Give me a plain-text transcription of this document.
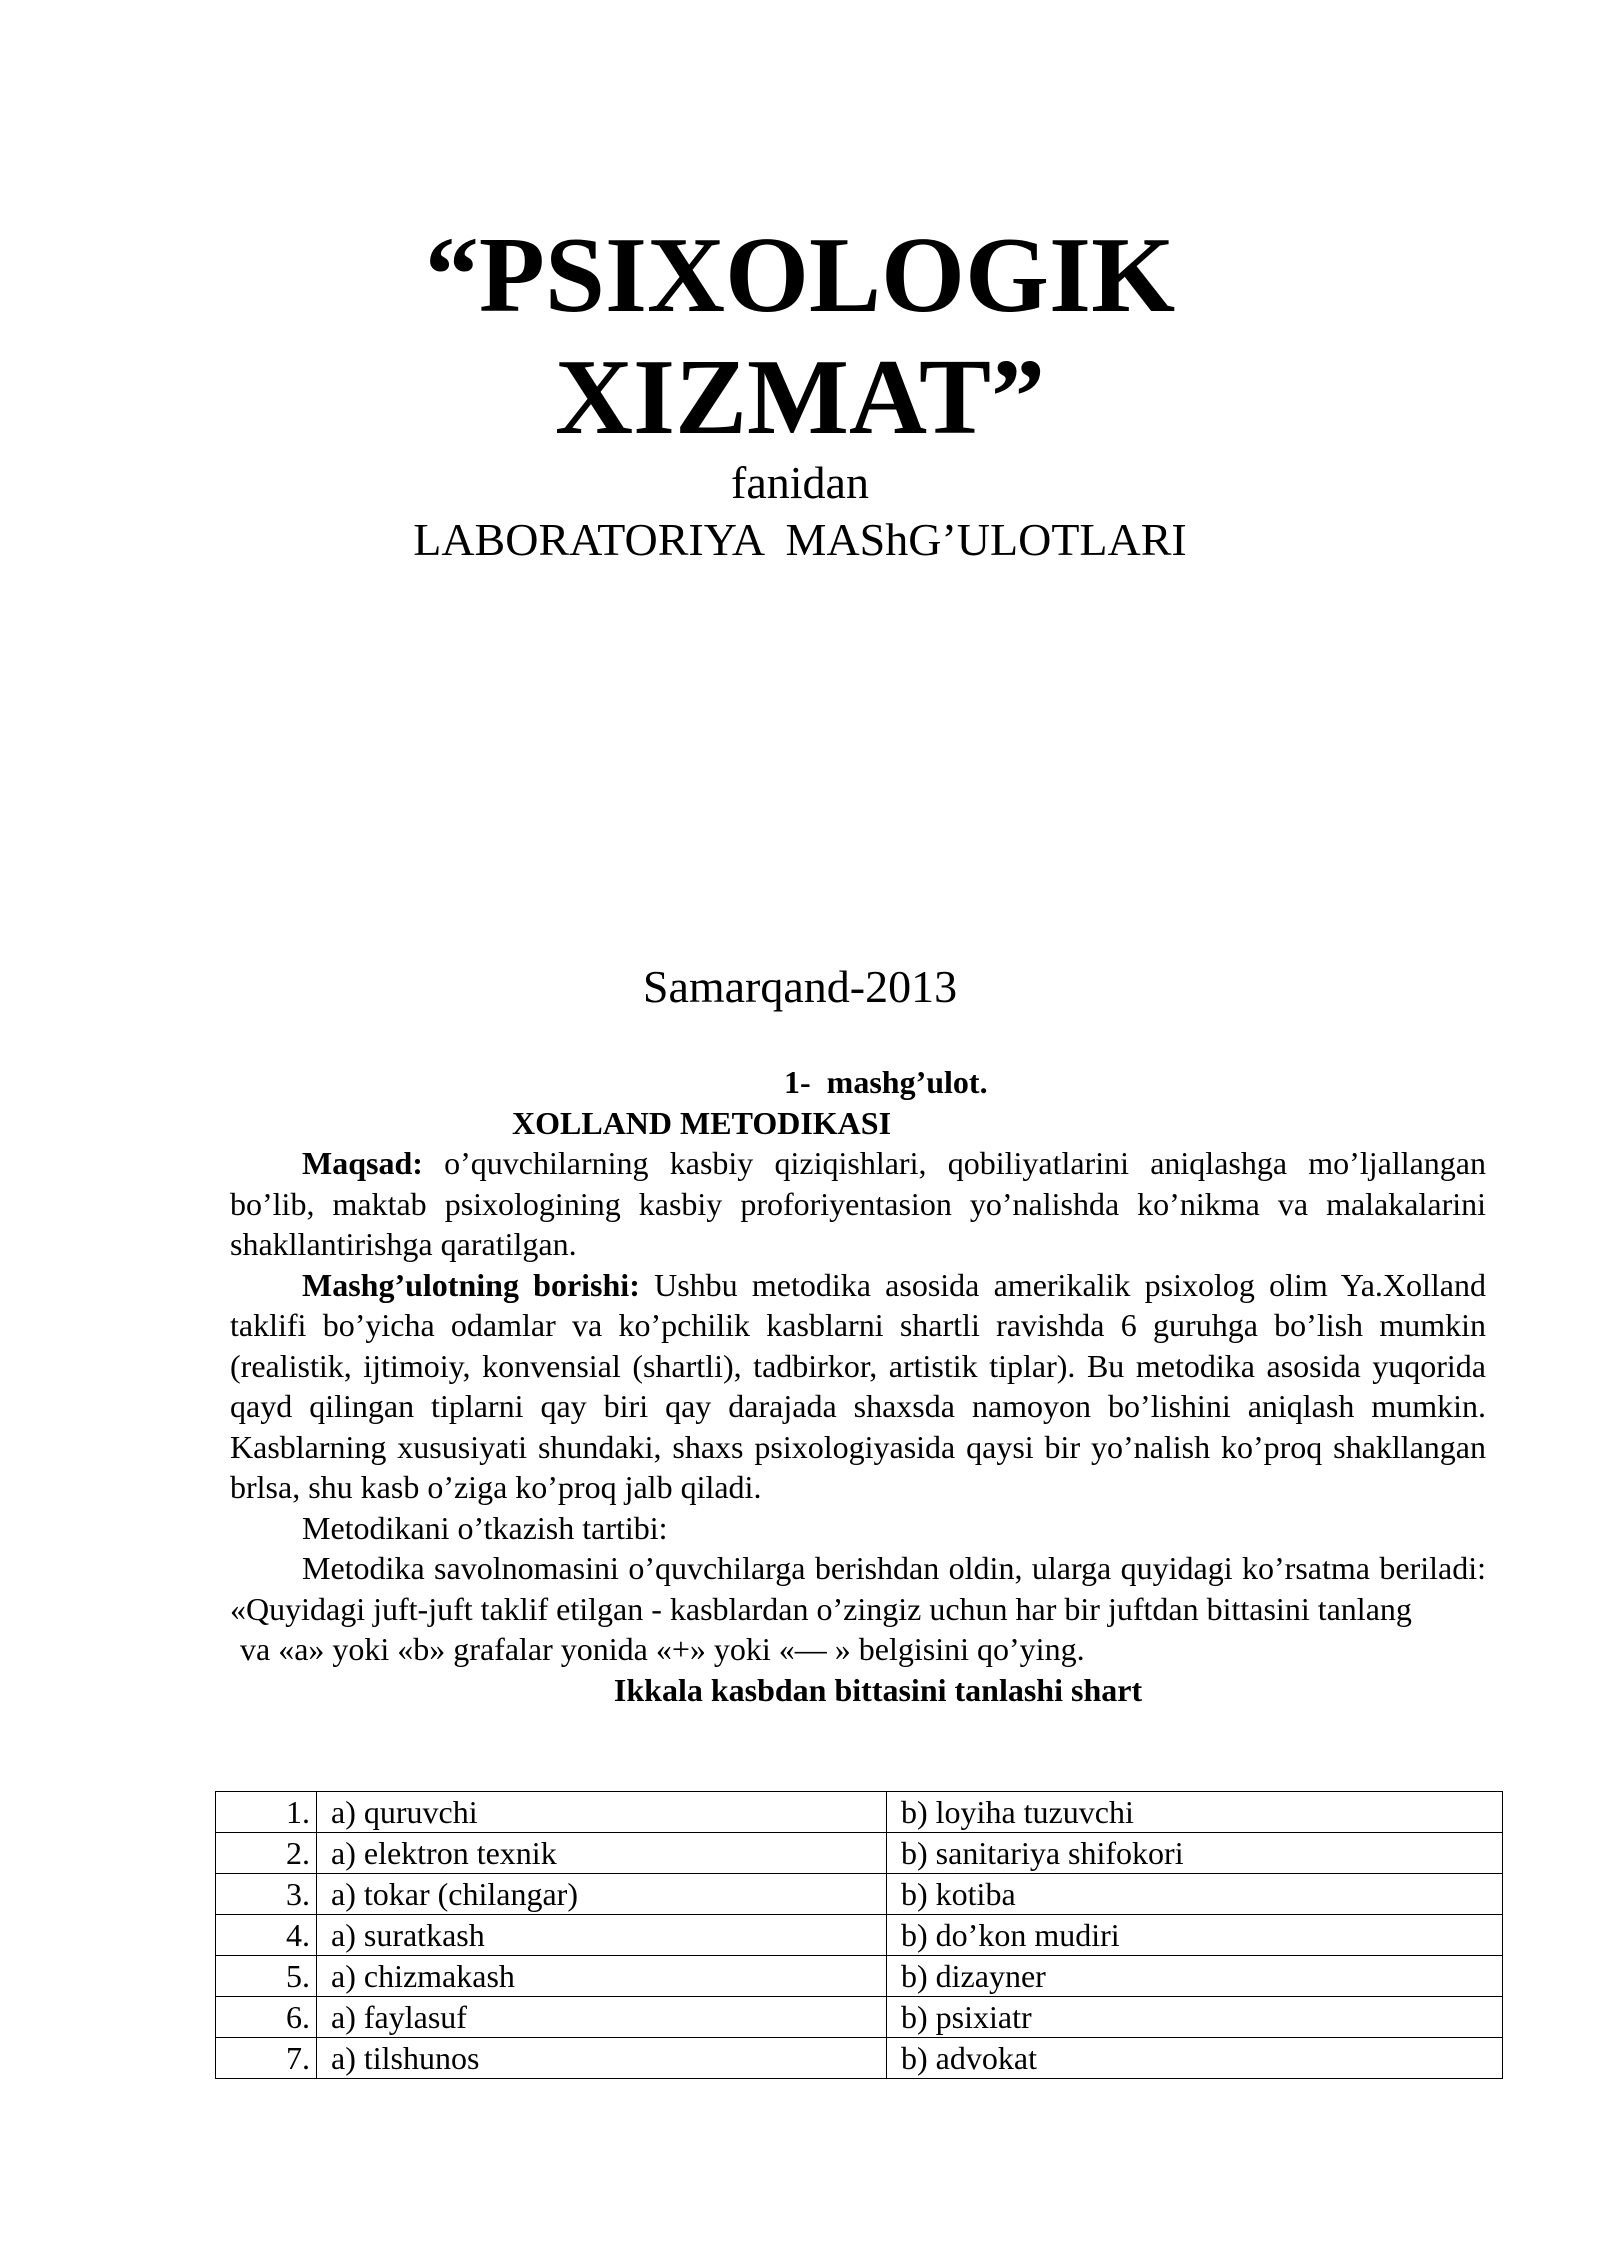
“PSIXOLOGIK
XIZMAT”
fanidan
LABORATORIYA  MAShG’ULOTLARI
Samarqand-2013
1-  mashg’ulot.
XOLLAND METODIKASI
Maqsad: o’quvchilarning kasbiy qiziqishlari, qobiliyatlarini aniqlashga mo’ljallangan bo’lib, maktab psixologining kasbiy proforiyentasion yo’nalishda ko’nikma va malakalarini shakllantirishga qaratilgan.
Mashg’ulotning borishi: Ushbu metodika asosida amerikalik psixolog olim Ya.Xolland taklifi bo’yicha odamlar va ko’pchilik kasblarni shartli ravishda 6 guruhga bo’lish mumkin (realistik, ijtimoiy, konvensial (shartli), tadbirkor, artistik tiplar). Bu metodika asosida yuqorida qayd qilingan tiplarni qay biri qay darajada shaxsda namoyon bo’lishini aniqlash mumkin. Kasblarning xususiyati shundaki, shaxs psixologiyasida qaysi bir yo’nalish ko’proq shakllangan brlsa, shu kasb o’ziga ko’proq jalb qiladi.
Metodikani o’tkazish tartibi:
Metodika savolnomasini o’quvchilarga berishdan oldin, ularga quyidagi ko’rsatma beriladi: «Quyidagi juft-juft taklif etilgan - kasblardan o’zingiz uchun har bir juftdan bittasini tanlang
va «a» yoki «b» grafalar yonida «+» yoki «— » belgisini qo’ying.
Ikkala kasbdan bittasini tanlashi shart
1.	a) quruvchi	b) loyiha tuzuvchi
2.	a) elektron texnik	b) sanitariya shifokori
3.	a) tokar (chilangar)	b) kotiba
4.	a) suratkash	b) do’kon mudiri
5.	a) chizmakash	b) dizayner
6.	a) faylasuf	b) psixiatr
7.	a) tilshunos	b) advokat
